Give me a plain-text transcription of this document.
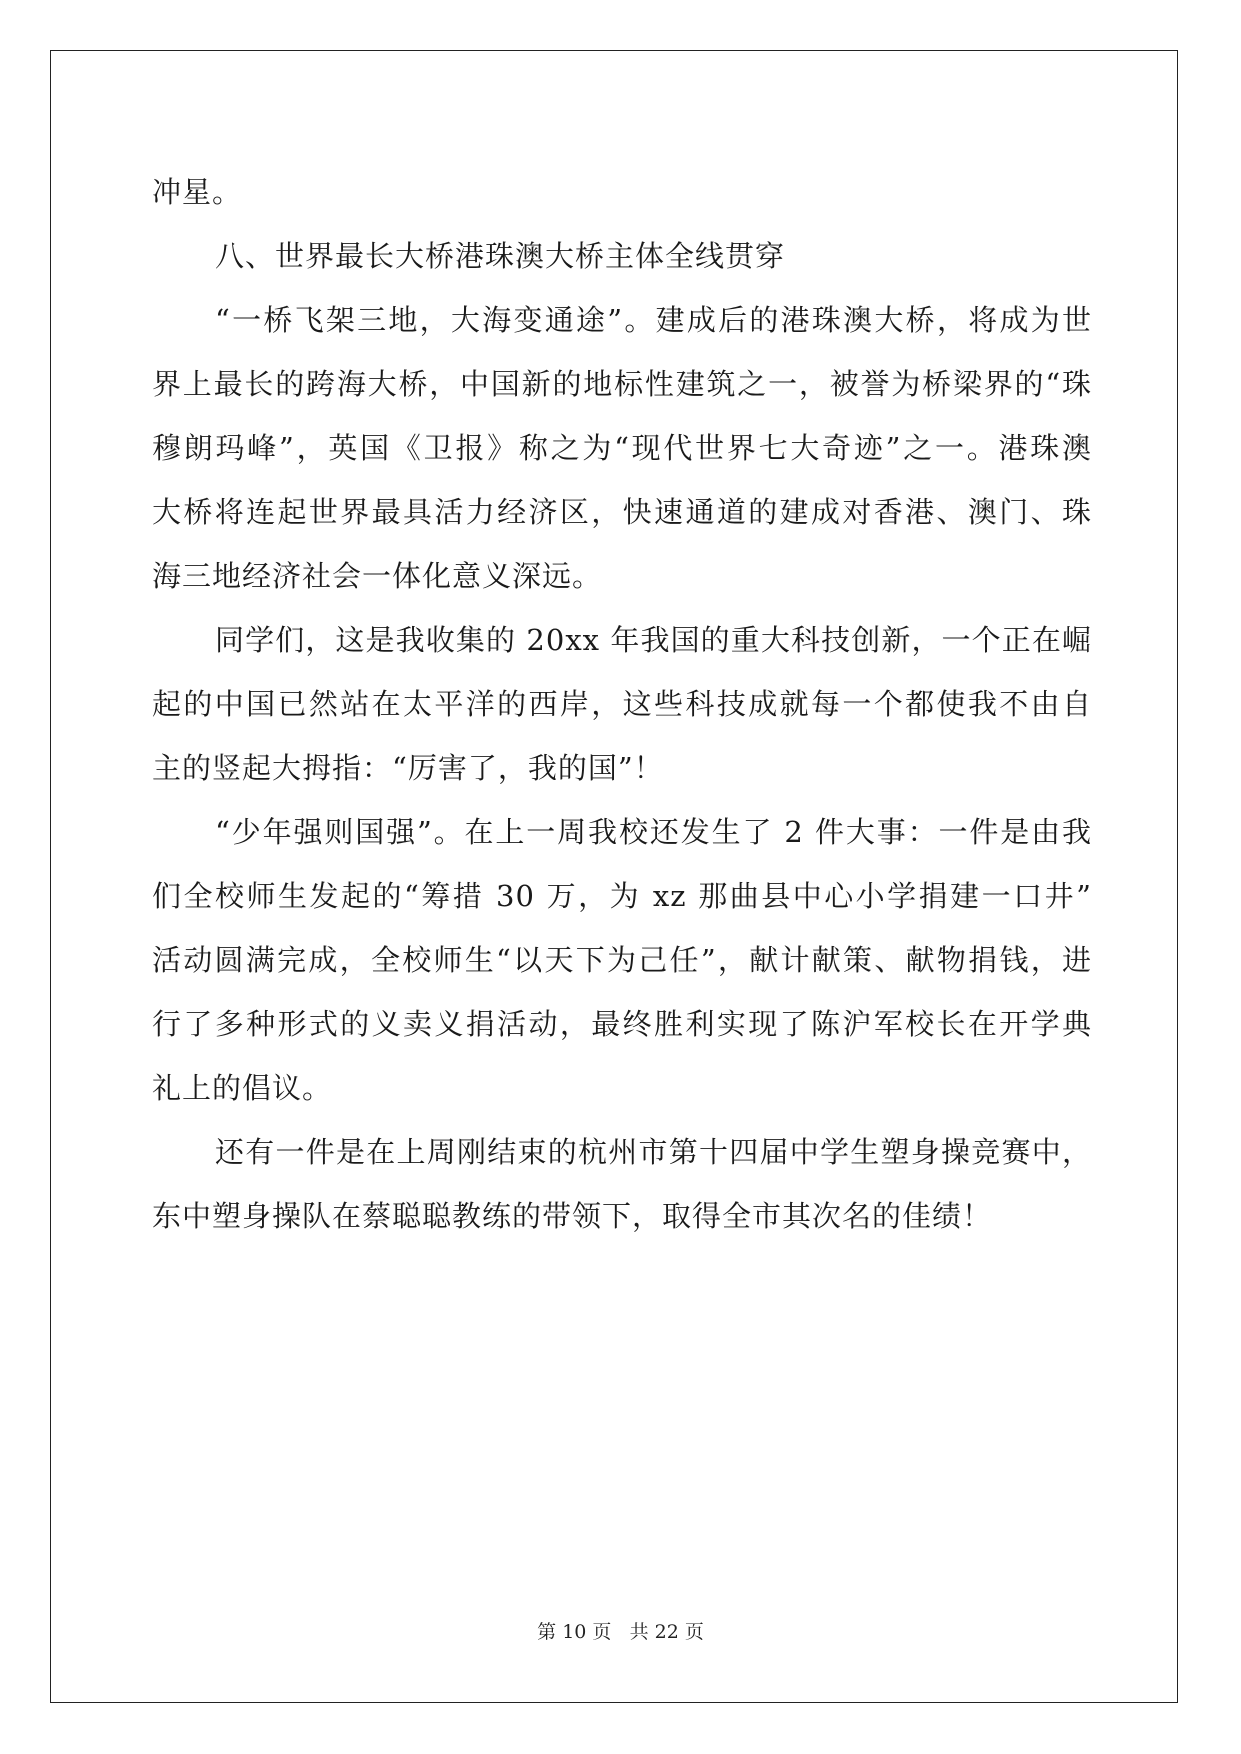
冲星。
八、世界最长大桥港珠澳大桥主体全线贯穿
“一桥飞架三地，大海变通途”。建成后的港珠澳大桥，将成为世
界上最长的跨海大桥，中国新的地标性建筑之一，被誉为桥梁界的“珠
穆朗玛峰”，英国《卫报》称之为“现代世界七大奇迹”之一。港珠澳
大桥将连起世界最具活力经济区，快速通道的建成对香港、澳门、珠
海三地经济社会一体化意义深远。
同学们，这是我收集的 20xx 年我国的重大科技创新，一个正在崛
起的中国已然站在太平洋的西岸，这些科技成就每一个都使我不由自
主的竖起大拇指：“厉害了，我的国”！
“少年强则国强”。在上一周我校还发生了 2 件大事：一件是由我
们全校师生发起的“筹措 30 万，为 xz 那曲县中心小学捐建一口井”
活动圆满完成，全校师生“以天下为己任”，献计献策、献物捐钱，进
行了多种形式的义卖义捐活动，最终胜利实现了陈沪军校长在开学典
礼上的倡议。
还有一件是在上周刚结束的杭州市第十四届中学生塑身操竞赛中，
东中塑身操队在蔡聪聪教练的带领下，取得全市其次名的佳绩！
第 10 页 共 22 页
